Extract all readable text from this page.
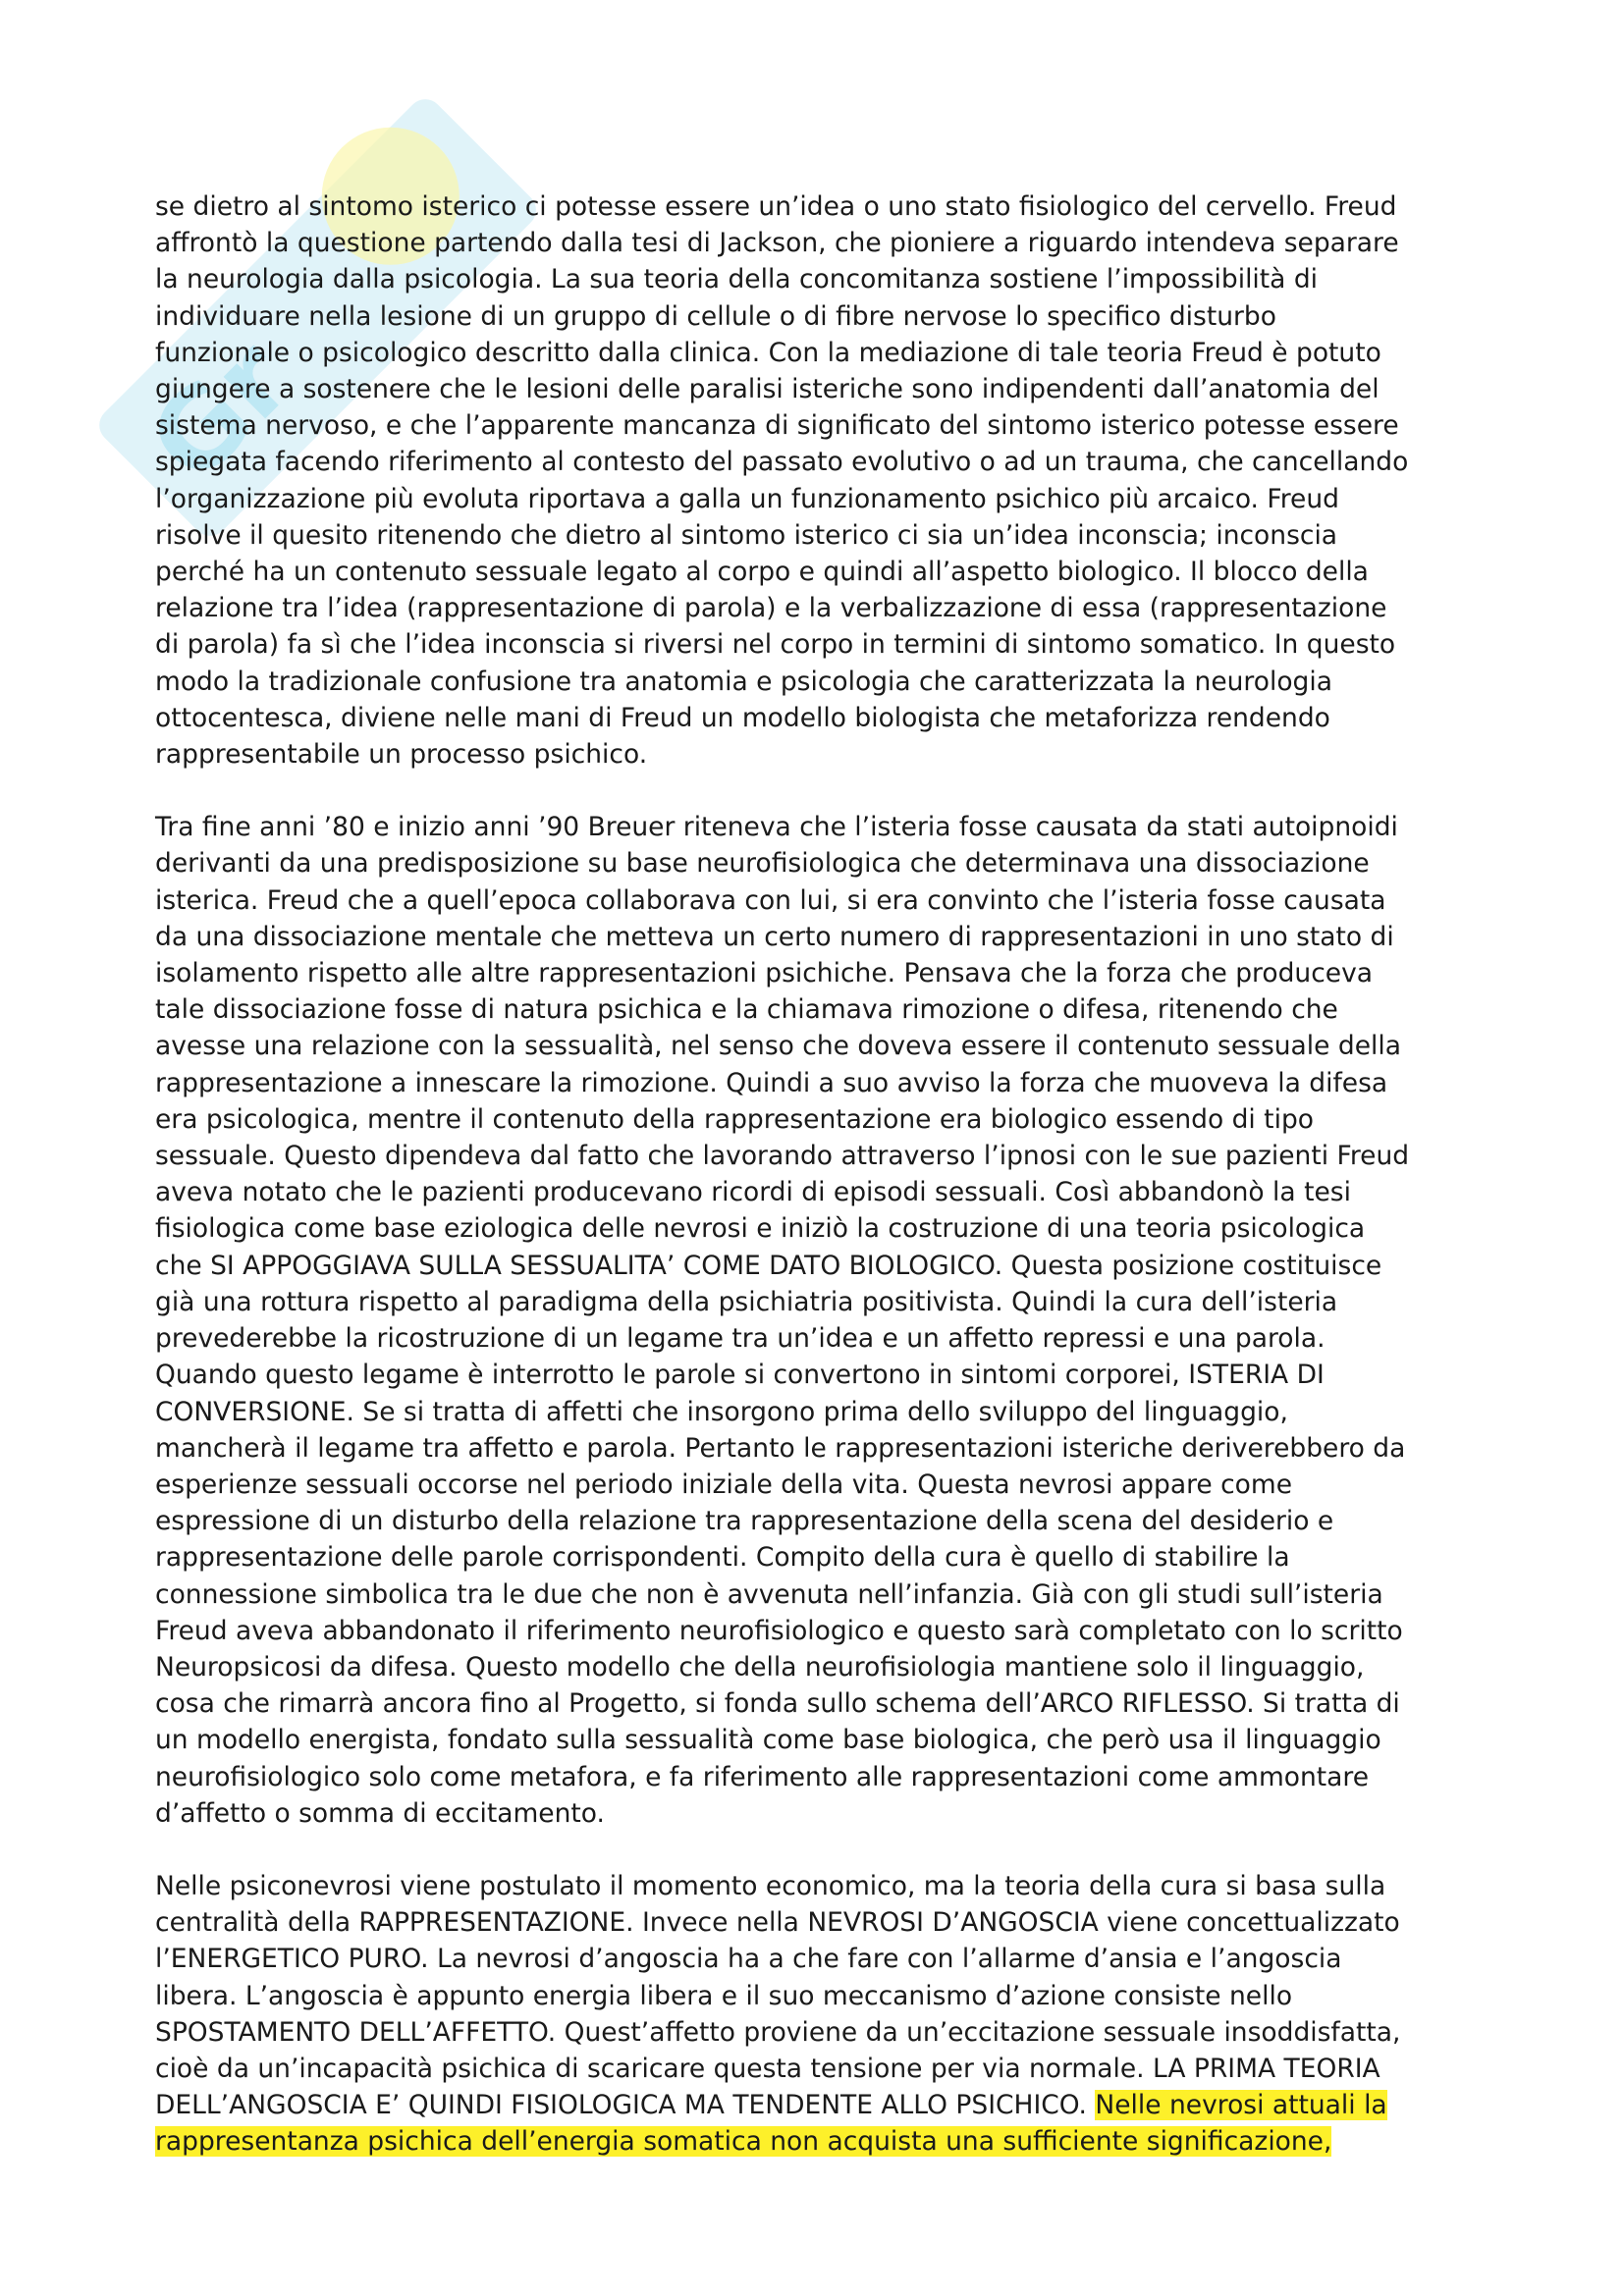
Gr

se dietro al sintomo isterico ci potesse essere un’idea o uno stato fisiologico del cervello. Freud
affrontò la questione partendo dalla tesi di Jackson, che pioniere a riguardo intendeva separare
la neurologia dalla psicologia. La sua teoria della concomitanza sostiene l’impossibilità di
individuare nella lesione di un gruppo di cellule o di fibre nervose lo specifico disturbo
funzionale o psicologico descritto dalla clinica. Con la mediazione di tale teoria Freud è potuto
giungere a sostenere che le lesioni delle paralisi isteriche sono indipendenti dall’anatomia del
sistema nervoso, e che l’apparente mancanza di significato del sintomo isterico potesse essere
spiegata facendo riferimento al contesto del passato evolutivo o ad un trauma, che cancellando
l’organizzazione più evoluta riportava a galla un funzionamento psichico più arcaico. Freud
risolve il quesito ritenendo che dietro al sintomo isterico ci sia un’idea inconscia; inconscia
perché ha un contenuto sessuale legato al corpo e quindi all’aspetto biologico. Il blocco della
relazione tra l’idea (rappresentazione di parola) e la verbalizzazione di essa (rappresentazione
di parola) fa sì che l’idea inconscia si riversi nel corpo in termini di sintomo somatico. In questo
modo la tradizionale confusione tra anatomia e psicologia che caratterizzata la neurologia
ottocentesca, diviene nelle mani di Freud un modello biologista che metaforizza rendendo
rappresentabile un processo psichico.

Tra fine anni ’80 e inizio anni ’90 Breuer riteneva che l’isteria fosse causata da stati autoipnoidi
derivanti da una predisposizione su base neurofisiologica che determinava una dissociazione
isterica. Freud che a quell’epoca collaborava con lui, si era convinto che l’isteria fosse causata
da una dissociazione mentale che metteva un certo numero di rappresentazioni in uno stato di
isolamento rispetto alle altre rappresentazioni psichiche. Pensava che la forza che produceva
tale dissociazione fosse di natura psichica e la chiamava rimozione o difesa, ritenendo che
avesse una relazione con la sessualità, nel senso che doveva essere il contenuto sessuale della
rappresentazione a innescare la rimozione. Quindi a suo avviso la forza che muoveva la difesa
era psicologica, mentre il contenuto della rappresentazione era biologico essendo di tipo
sessuale. Questo dipendeva dal fatto che lavorando attraverso l’ipnosi con le sue pazienti Freud
aveva notato che le pazienti producevano ricordi di episodi sessuali. Così abbandonò la tesi
fisiologica come base eziologica delle nevrosi e iniziò la costruzione di una teoria psicologica
che SI APPOGGIAVA SULLA SESSUALITA’ COME DATO BIOLOGICO. Questa posizione costituisce
già una rottura rispetto al paradigma della psichiatria positivista. Quindi la cura dell’isteria
prevederebbe la ricostruzione di un legame tra un’idea e un affetto repressi e una parola.
Quando questo legame è interrotto le parole si convertono in sintomi corporei, ISTERIA DI
CONVERSIONE. Se si tratta di affetti che insorgono prima dello sviluppo del linguaggio,
mancherà il legame tra affetto e parola. Pertanto le rappresentazioni isteriche deriverebbero da
esperienze sessuali occorse nel periodo iniziale della vita. Questa nevrosi appare come
espressione di un disturbo della relazione tra rappresentazione della scena del desiderio e
rappresentazione delle parole corrispondenti. Compito della cura è quello di stabilire la
connessione simbolica tra le due che non è avvenuta nell’infanzia. Già con gli studi sull’isteria
Freud aveva abbandonato il riferimento neurofisiologico e questo sarà completato con lo scritto
Neuropsicosi da difesa. Questo modello che della neurofisiologia mantiene solo il linguaggio,
cosa che rimarrà ancora fino al Progetto, si fonda sullo schema dell’ARCO RIFLESSO. Si tratta di
un modello energista, fondato sulla sessualità come base biologica, che però usa il linguaggio
neurofisiologico solo come metafora, e fa riferimento alle rappresentazioni come ammontare
d’affetto o somma di eccitamento.

Nelle psiconevrosi viene postulato il momento economico, ma la teoria della cura si basa sulla
centralità della RAPPRESENTAZIONE. Invece nella NEVROSI D’ANGOSCIA viene concettualizzato
l’ENERGETICO PURO. La nevrosi d’angoscia ha a che fare con l’allarme d’ansia e l’angoscia
libera. L’angoscia è appunto energia libera e il suo meccanismo d’azione consiste nello
SPOSTAMENTO DELL’AFFETTO. Quest’affetto proviene da un’eccitazione sessuale insoddisfatta,
cioè da un’incapacità psichica di scaricare questa tensione per via normale. LA PRIMA TEORIA
DELL’ANGOSCIA E’ QUINDI FISIOLOGICA MA TENDENTE ALLO PSICHICO. Nelle nevrosi attuali la
rappresentanza psichica dell’energia somatica non acquista una sufficiente significazione,
